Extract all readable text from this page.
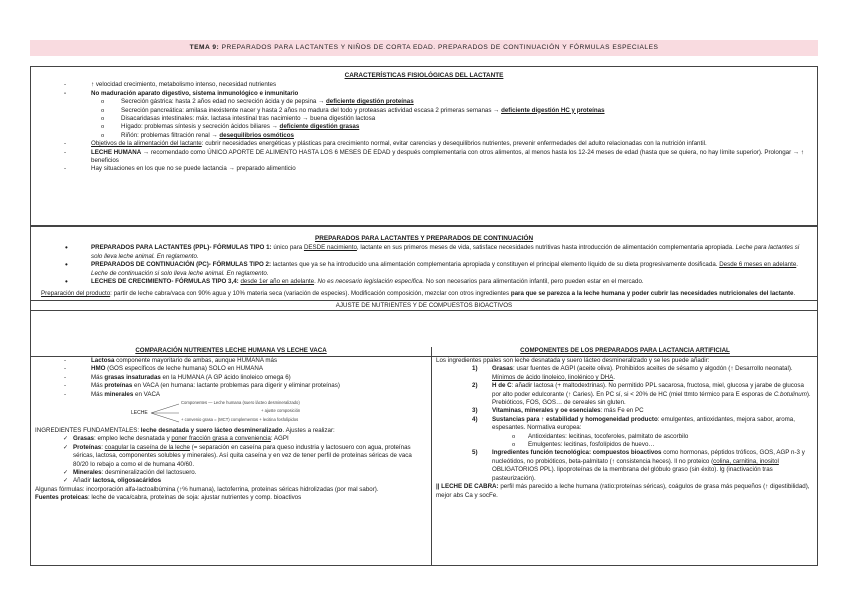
TEMA 9: PREPARADOS PARA LACTANTES Y NIÑOS DE CORTA EDAD. PREPARADOS DE CONTINUACIÓN Y FÓRMULAS ESPECIALES
CARACTERÍSTICAS FISIOLÓGICAS DEL LACTANTE
- ↑ velocidad crecimiento, metabolismo intenso, necesidad nutrientes
- No maduración aparato digestivo, sistema inmunológico e inmunitario
o Secreción gástrica: hasta 2 años edad no secreción ácida y de pepsina → deficiente digestión proteínas
o Secreción pancreática: amilasa inexistente nacer y hasta 2 años no madura del todo y proteasas actividad escasa 2 primeras semanas → deficiente digestión HC y proteínas
o Disacaridasas intestinales: máx. lactasa intestinal tras nacimiento → buena digestión lactosa
o Hígado: problemas síntesis y secreción ácidos biliares → deficiente digestión grasas
o Riñón: problemas filtración renal → desequilibrios osmóticos
- Objetivos de la alimentación del lactante: cubrir necesidades energéticas y plásticas para crecimiento normal, evitar carencias y desequilibrios nutrientes, prevenir enfermedades del adulto relacionadas con la nutrición infantil.
- LECHE HUMANA → recomendado como ÚNICO APORTE DE ALIMENTO HASTA LOS 6 MESES DE EDAD y después complementaria con otros alimentos, al menos hasta los 12-24 meses de edad (hasta que se quiera, no hay límite superior). Prolongar → ↑ beneficios
- Hay situaciones en los que no se puede lactancia → preparado alimenticio
PREPARADOS PARA LACTANTES Y PREPARADOS DE CONTINUACIÓN
• PREPARADOS PARA LACTANTES (PPL)- FÓRMULAS TIPO 1: único para DESDE nacimiento, lactante en sus primeros meses de vida, satisface necesidades nutritivas hasta introducción de alimentación complementaria apropiada. Leche para lactantes si solo lleva leche animal. En reglamento.
• PREPARADOS DE CONTINUACIÓN (PC)- FÓRMULAS TIPO 2: lactantes que ya se ha introducido una alimentación complementaria apropiada y constituyen el principal elemento líquido de su dieta progresivamente dosificada. Desde 6 meses en adelante. Leche de continuación si solo lleva leche animal. En reglamento.
• LECHES DE CRECIMIENTO- FÓRMULAS TIPO 3,4: desde 1er año en adelante. No es necesario legislación específica. No son necesarios para alimentación infantil, pero pueden estar en el mercado.
Preparación del producto: partir de leche cabra/vaca con 90% agua y 10% materia seca (variación de especies). Modificación composición, mezclar con otros ingredientes para que se parezca a la leche humana y poder cubrir las necesidades nutricionales del lactante.
AJUSTE DE NUTRIENTES Y DE COMPUESTOS BIOACTIVOS
COMPARACIÓN NUTRIENTES LECHE HUMANA VS LECHE VACA
- Lactosa componente mayoritario de ambas, aunque HUMANA más
- HMO (GOS específicos de leche humana) SOLO en HUMANA
- Más grasas insaturadas en la HUMANA (A GP ácido linoleico omega 6)
- Más proteínas en VACA (en humana: lactante problemas para digerir y eliminar proteínas)
- Más minerales en VACA
LECHE
Componentes — Leche humana (suero lácteo desmineralizado)
+ ajuste composición
+ convenio grasa = (MCT) complementos + lecitina fosfolípidos
INGREDIENTES FUNDAMENTALES: leche desnatada y suero lácteo desmineralizado. Ajustes a realizar:
✓ Grasas: empleo leche desnatada y poner fracción grasa a conveniencia: AGPI
✓ Proteínas: coagular la caseína de la leche (= separación en caseína para queso industria y lactosuero con agua, proteínas séricas, lactosa, componentes solubles y minerales). Así quita caseína y en vez de tener perfil de proteínas séricas de vaca 80/20 lo rebajo a como el de humana 40/60.
✓ Minerales: desmineralización del lactosuero.
✓ Añadir lactosa, oligosacáridos
Algunas fórmulas: incorporación alfa-lactoalbúmina (↑% humana), lactoferrina, proteínas séricas hidrolizadas (por mal sabor).
Fuentes proteicas: leche de vaca/cabra, proteínas de soja: ajustar nutrientes y comp. bioactivos
COMPONENTES DE LOS PREPARADOS PARA LACTANCIA ARTIFICIAL
Los ingredientes ppales son leche desnatada y suero lácteo desmineralizado y se les puede añadir:
1) Grasas: usar fuentes de AGPI (aceite oliva). Prohibidos aceites de sésamo y algodón (↑ Desarrollo neonatal). Mínimos de ácido linoleico, linolénico y DHA.
2) H de C: añadir lactosa (+ maltodextrinas). No permitido PPL sacarosa, fructosa, miel, glucosa y jarabe de glucosa por alto poder edulcorante (↑ Caries). En PC sí, si < 20% de HC (miel ttmto térmico para E esporas de C.botulinum). Prebióticos, FOS, GOS… de cereales sin gluten.
3) Vitaminas, minerales y oe esenciales: más Fe en PC
4) Sustancias para ↑ estabilidad y homogeneidad producto: emulgentes, antioxidantes, mejora sabor, aroma, espesantes. Normativa europea:
o Antioxidantes: lecitinas, tocoferoles, palmitato de ascorbilo
o Emulgentes: lecitinas, fosfolípidos de huevo…
5) Ingredientes función tecnológica: compuestos bioactivos como hormonas, péptidos tróficos, GOS, AGP n-3 y nucleótidos, no probióticos, beta-palmitato (↑ consistencia heces). ll no proteico (colina, carnitina, inositol OBLIGATORIOS PPL). lipoproteínas de la membrana del glóbulo graso (sin éxito). lg (inactivación tras pasteurización).
|| LECHE DE CABRA: perfil más parecido a leche humana (ratio:proteínas séricas), coágulos de grasa más pequeños (↑ digestibilidad), mejor abs Ca y socFe.
